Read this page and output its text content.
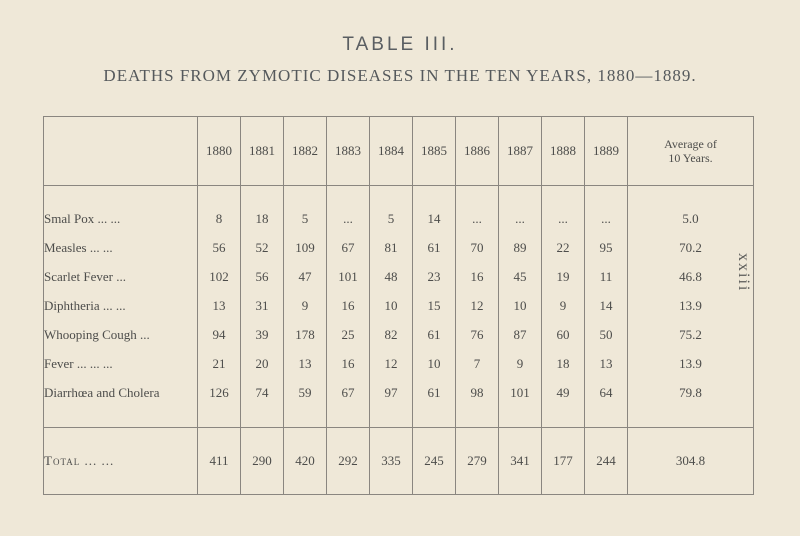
TABLE III.
DEATHS FROM ZYMOTIC DISEASES IN THE TEN YEARS, 1880—1889.
xxiii
	1880	1881	1882	1883	1884	1885	1886	1887	1888	1889	Average of
10 Years.

Smal Pox ... ...	8	18	5	...	5	14	...	...	...	...	5.0
Measles ... ...	56	52	109	67	81	61	70	89	22	95	70.2
Scarlet Fever ...	102	56	47	101	48	23	16	45	19	11	46.8
Diphtheria ... ...	13	31	9	16	10	15	12	10	9	14	13.9
Whooping Cough ...	94	39	178	25	82	61	76	87	60	50	75.2
Fever ... ... ...	21	20	13	16	12	10	7	9	18	13	13.9
Diarrhœa and Cholera	126	74	59	67	97	61	98	101	49	64	79.8

Total ... ...	411	290	420	292	335	245	279	341	177	244	304.8
